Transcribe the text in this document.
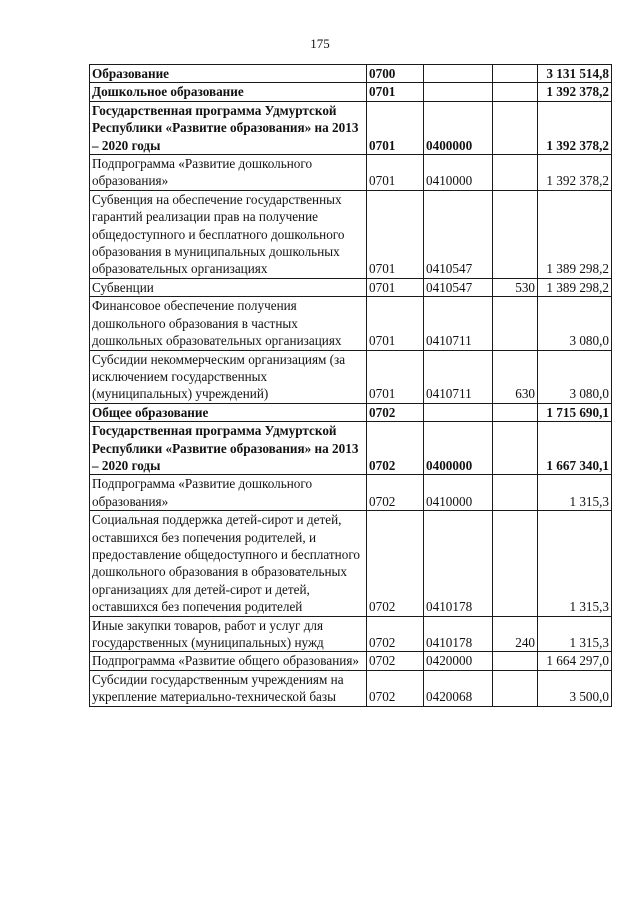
175
Образование	0700			3 131 514,8
Дошкольное образование	0701			1 392 378,2
Государственная программа Удмуртской Республики «Развитие образования» на 2013 – 2020 годы	0701	0400000		1 392 378,2
Подпрограмма «Развитие дошкольного образования»	0701	0410000		1 392 378,2
Субвенция на обеспечение государственных гарантий реализации прав на получение общедоступного и бесплатного дошкольного образования в муниципальных дошкольных образовательных организациях	0701	0410547		1 389 298,2
Субвенции	0701	0410547	530	1 389 298,2
Финансовое обеспечение получения дошкольного образования в частных дошкольных образовательных организациях	0701	0410711		3 080,0
Субсидии некоммерческим организациям (за исключением государственных (муниципальных) учреждений)	0701	0410711	630	3 080,0
Общее образование	0702			1 715 690,1
Государственная программа Удмуртской Республики «Развитие образования» на 2013 – 2020 годы	0702	0400000		1 667 340,1
Подпрограмма «Развитие дошкольного образования»	0702	0410000		1 315,3
Социальная поддержка детей-сирот и детей, оставшихся без попечения родителей, и предоставление общедоступного и бесплатного дошкольного образования в образовательных организациях для детей-сирот и детей, оставшихся без попечения родителей	0702	0410178		1 315,3
Иные закупки товаров, работ и услуг для государственных (муниципальных) нужд	0702	0410178	240	1 315,3
Подпрограмма «Развитие общего образования»	0702	0420000		1 664 297,0
Субсидии государственным учреждениям на укрепление материально-технической базы	0702	0420068		3 500,0
